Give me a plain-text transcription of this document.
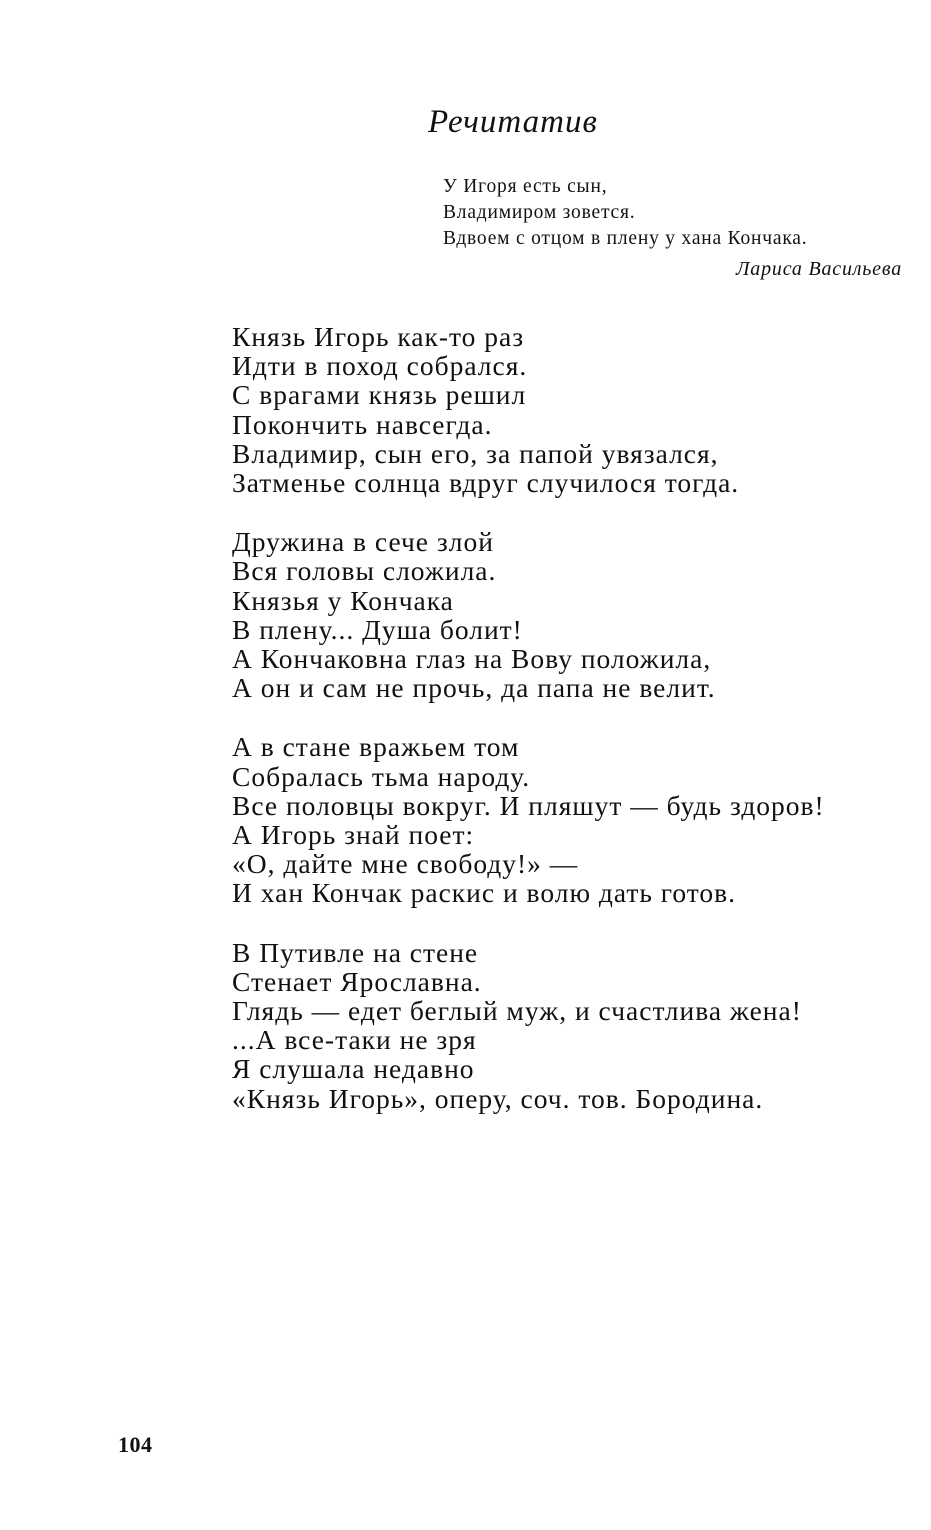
Речитатив
У Игоря есть сын,
Владимиром зовется.
Вдвоем с отцом в плену у хана Кончака.
Лариса Васильева
Князь Игорь как-то раз
Идти в поход собрался.
С врагами князь решил
Покончить навсегда.
Владимир, сын его, за папой увязался,
Затменье солнца вдруг случилося тогда.
Дружина в сече злой
Вся головы сложила.
Князья у Кончака
В плену... Душа болит!
А Кончаковна глаз на Вову положила,
А он и сам не прочь, да папа не велит.
А в стане вражьем том
Собралась тьма народу.
Все половцы вокруг. И пляшут — будь здоров!
А Игорь знай поет:
«О, дайте мне свободу!» —
И хан Кончак раскис и волю дать готов.
В Путивле на стене
Стенает Ярославна.
Глядь — едет беглый муж, и счастлива жена!
...А все-таки не зря
Я слушала недавно
«Князь Игорь», оперу, соч. тов. Бородина.
104
